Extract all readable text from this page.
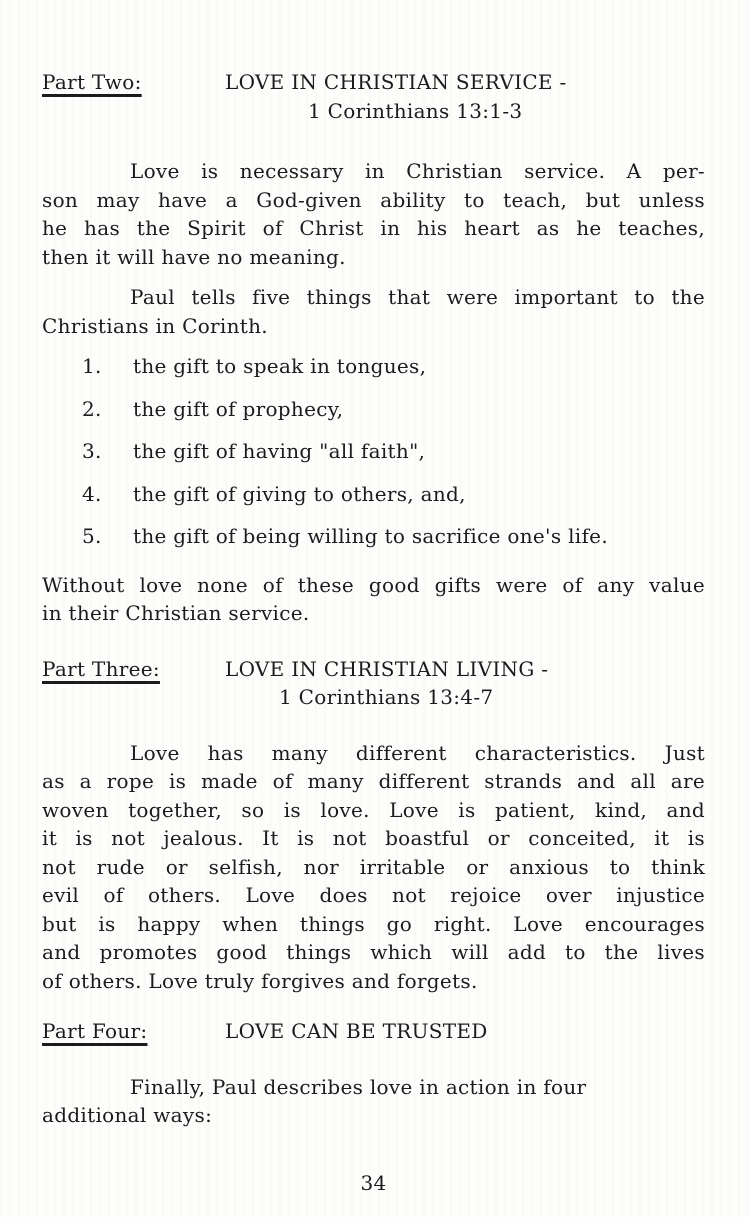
Part Two:	LOVE IN CHRISTIAN SERVICE -
1 Corinthians 13:1-3
Love is necessary in Christian service. A per-
son may have a God-given ability to teach, but unless
he has the Spirit of Christ in his heart as he teaches,
then it will have no meaning.
Paul tells five things that were important to the
Christians in Corinth.
1.	the gift to speak in tongues,
2.	the gift of prophecy,
3.	the gift of having "all faith",
4.	the gift of giving to others, and,
5.	the gift of being willing to sacrifice one's life.
Without love none of these good gifts were of any value
in their Christian service.
Part Three:	LOVE IN CHRISTIAN LIVING -
1 Corinthians 13:4-7
Love has many different characteristics. Just
as a rope is made of many different strands and all are
woven together, so is love. Love is patient, kind, and
it is not jealous. It is not boastful or conceited, it is
not rude or selfish, nor irritable or anxious to think
evil of others. Love does not rejoice over injustice
but is happy when things go right. Love encourages
and promotes good things which will add to the lives
of others. Love truly forgives and forgets.
Part Four:	LOVE CAN BE TRUSTED
Finally, Paul describes love in action in four
additional ways:
34
